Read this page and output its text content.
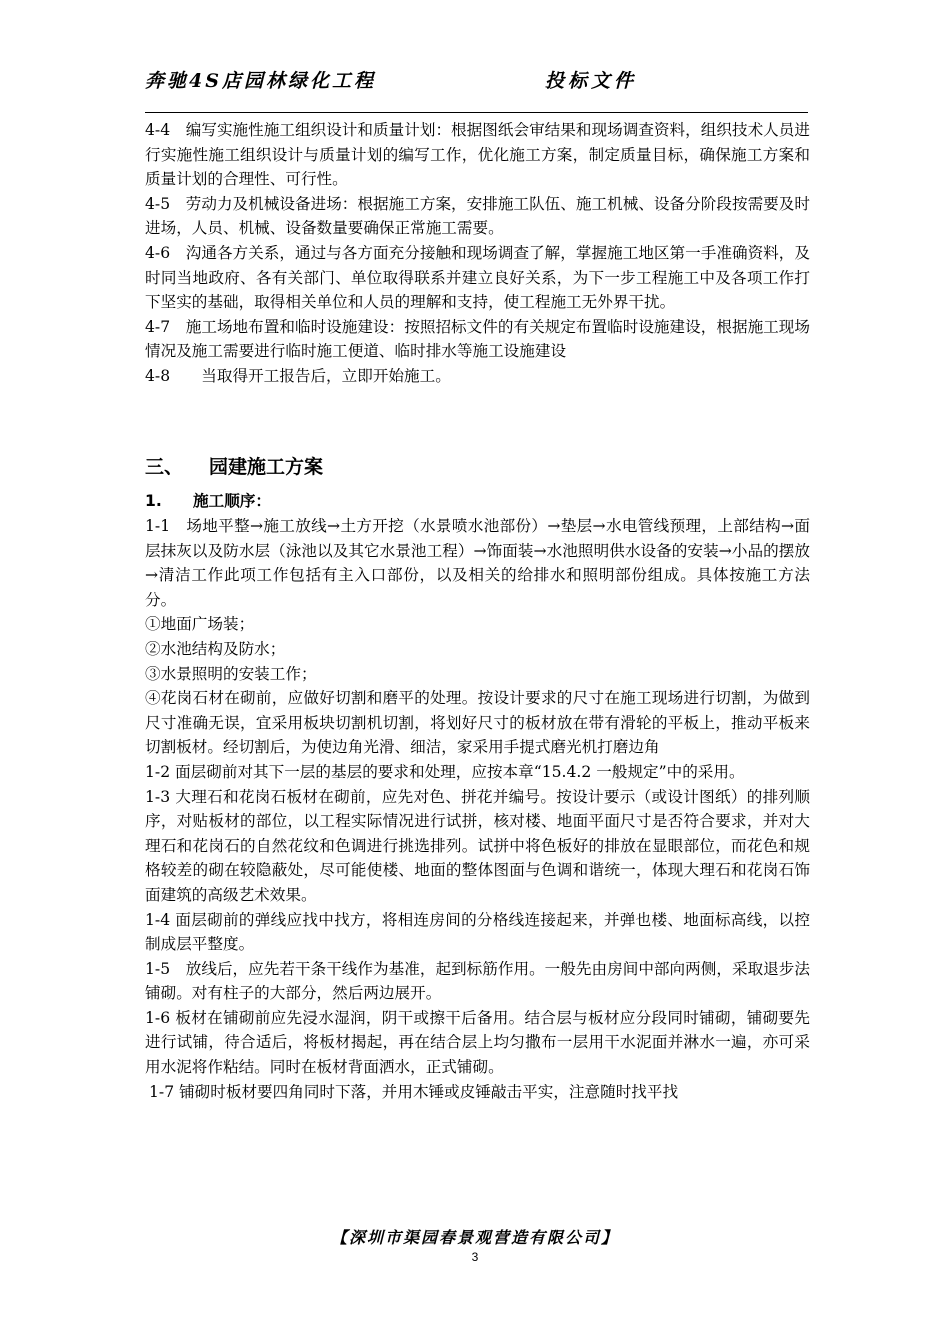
奔驰4S店园林绿化工程	投标文件

4-4　编写实施性施工组织设计和质量计划：根据图纸会审结果和现场调查资料，组织技术人员进行实施性施工组织设计与质量计划的编写工作，优化施工方案，制定质量目标，确保施工方案和质量计划的合理性、可行性。

4-5　劳动力及机械设备进场：根据施工方案，安排施工队伍、施工机械、设备分阶段按需要及时进场，人员、机械、设备数量要确保正常施工需要。

4-6　沟通各方关系，通过与各方面充分接触和现场调查了解，掌握施工地区第一手准确资料，及时同当地政府、各有关部门、单位取得联系并建立良好关系，为下一步工程施工中及各项工作打下坚实的基础，取得相关单位和人员的理解和支持，使工程施工无外界干扰。

4-7　施工场地布置和临时设施建设：按照招标文件的有关规定布置临时设施建设，根据施工现场情况及施工需要进行临时施工便道、临时排水等施工设施建设

4-8　　当取得开工报告后，立即开始施工。

三、 园建施工方案
1. 施工顺序：

1-1　场地平整→施工放线→土方开挖（水景喷水池部份）→垫层→水电管线预理，上部结构→面层抹灰以及防水层（泳池以及其它水景池工程）→饰面装→水池照明供水设备的安装→小品的摆放→清洁工作此项工作包括有主入口部份，以及相关的给排水和照明部份组成。具体按施工方法分。

①地面广场装；

②水池结构及防水；

③水景照明的安装工作；

④花岗石材在砌前，应做好切割和磨平的处理。按设计要求的尺寸在施工现场进行切割，为做到尺寸准确无误，宜采用板块切割机切割，将划好尺寸的板材放在带有滑轮的平板上，推动平板来切割板材。经切割后，为使边角光滑、细洁，家采用手提式磨光机打磨边角

1-2 面层砌前对其下一层的基层的要求和处理，应按本章“15.4.2 一般规定”中的采用。

1-3 大理石和花岗石板材在砌前，应先对色、拼花并编号。按设计要示（或设计图纸）的排列顺序，对贴板材的部位，以工程实际情况进行试拼，核对楼、地面平面尺寸是否符合要求，并对大理石和花岗石的自然花纹和色调进行挑选排列。试拼中将色板好的排放在显眼部位，而花色和规格较差的砌在较隐蔽处，尽可能使楼、地面的整体图面与色调和谐统一，体现大理石和花岗石饰面建筑的高级艺术效果。

1-4 面层砌前的弹线应找中找方，将相连房间的分格线连接起来，并弹也楼、地面标高线，以控制成层平整度。

1-5　放线后，应先若干条干线作为基准，起到标筋作用。一般先由房间中部向两侧，采取退步法铺砌。对有柱子的大部分，然后两边展开。

1-6 板材在铺砌前应先浸水湿润，阴干或擦干后备用。结合层与板材应分段同时铺砌，铺砌要先进行试铺，待合适后，将板材揭起，再在结合层上均匀撒布一层用干水泥面并淋水一遍，亦可采用水泥将作粘结。同时在板材背面洒水，正式铺砌。

1-7 铺砌时板材要四角同时下落，并用木锤或皮锤敲击平实，注意随时找平找

【深圳市渠园春景观营造有限公司】
3
